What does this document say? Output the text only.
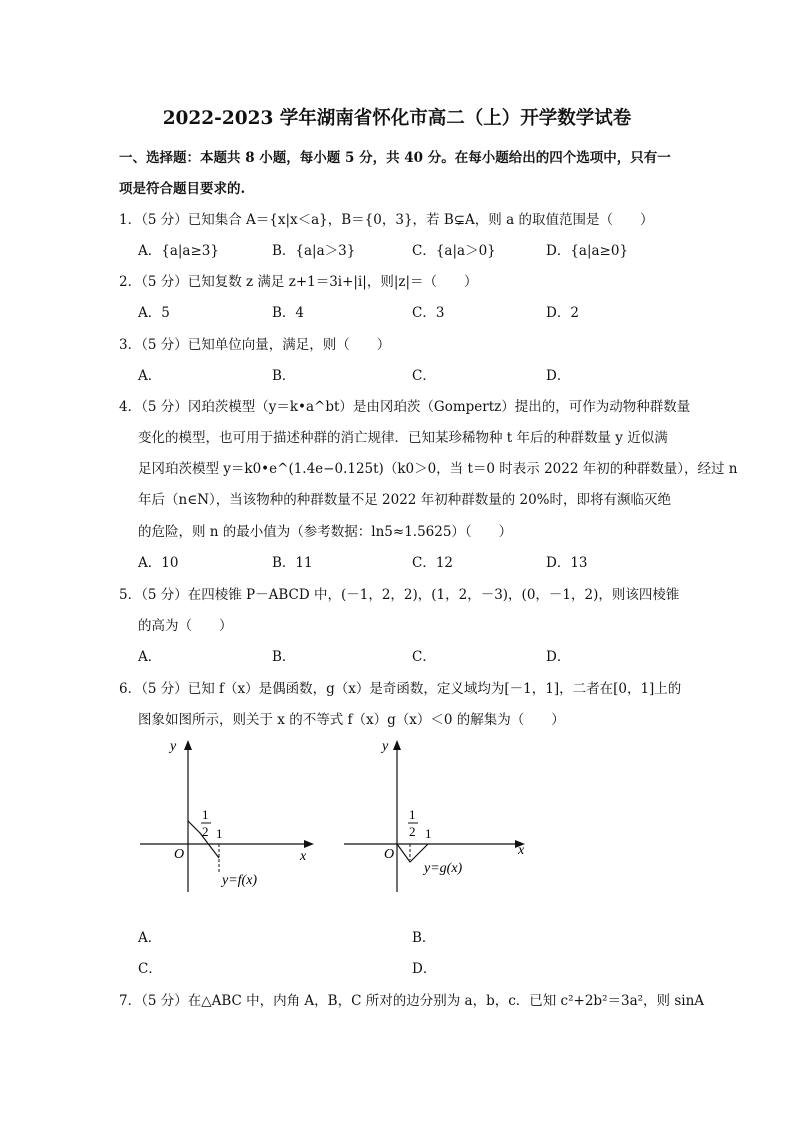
2022-2023 学年湖南省怀化市高二（上）开学数学试卷
一、选择题：本题共 8 小题，每小题 5 分，共 40 分。在每小题给出的四个选项中，只有一
项是符合题目要求的.
1．（5 分）已知集合 A＝{x|x＜a}，B＝{0，3}，若 B⊊A，则 a 的取值范围是（　　）
A．{a|a≥3}	B．{a|a＞3}	C．{a|a＞0}	D．{a|a≥0}
2．（5 分）已知复数 z 满足 z+1＝3i+|i|，则|z|＝（　　）
A．5	B．4	C．3	D．2
3．（5 分）已知单位向量，满足，则（　　）
A．	B．	C．	D．
4．（5 分）冈珀茨模型（y＝k•a^bt）是由冈珀茨（Gompertz）提出的，可作为动物种群数量
变化的模型，也可用于描述种群的消亡规律．已知某珍稀物种 t 年后的种群数量 y 近似满
足冈珀茨模型 y＝k0•e^(1.4e−0.125t)（k0＞0，当 t＝0 时表示 2022 年初的种群数量），经过 n
年后（n∈N），当该物种的种群数量不足 2022 年初种群数量的 20%时，即将有濒临灭绝
的危险，则 n 的最小值为（参考数据：ln5≈1.5625）（　　）
A．10	B．11	C．12	D．13
5．（5 分）在四棱锥 P－ABCD 中，(－1，2，2)，(1，2，－3)，(0，－1，2)，则该四棱锥
的高为（　　）
A．	B．	C．	D．
6．（5 分）已知 f（x）是偶函数，g（x）是奇函数，定义域均为[－1，1]，二者在[0，1]上的
图象如图所示，则关于 x 的不等式 f（x）g（x）＜0 的解集为（　　）
y
x
O
1
2 1
y=f(x)
y
x
O
1
2 1
y=g(x)
A．	B．
C．	D．
7．（5 分）在△ABC 中，内角 A，B，C 所对的边分别为 a，b，c．已知 c²+2b²＝3a²，则 sinA
